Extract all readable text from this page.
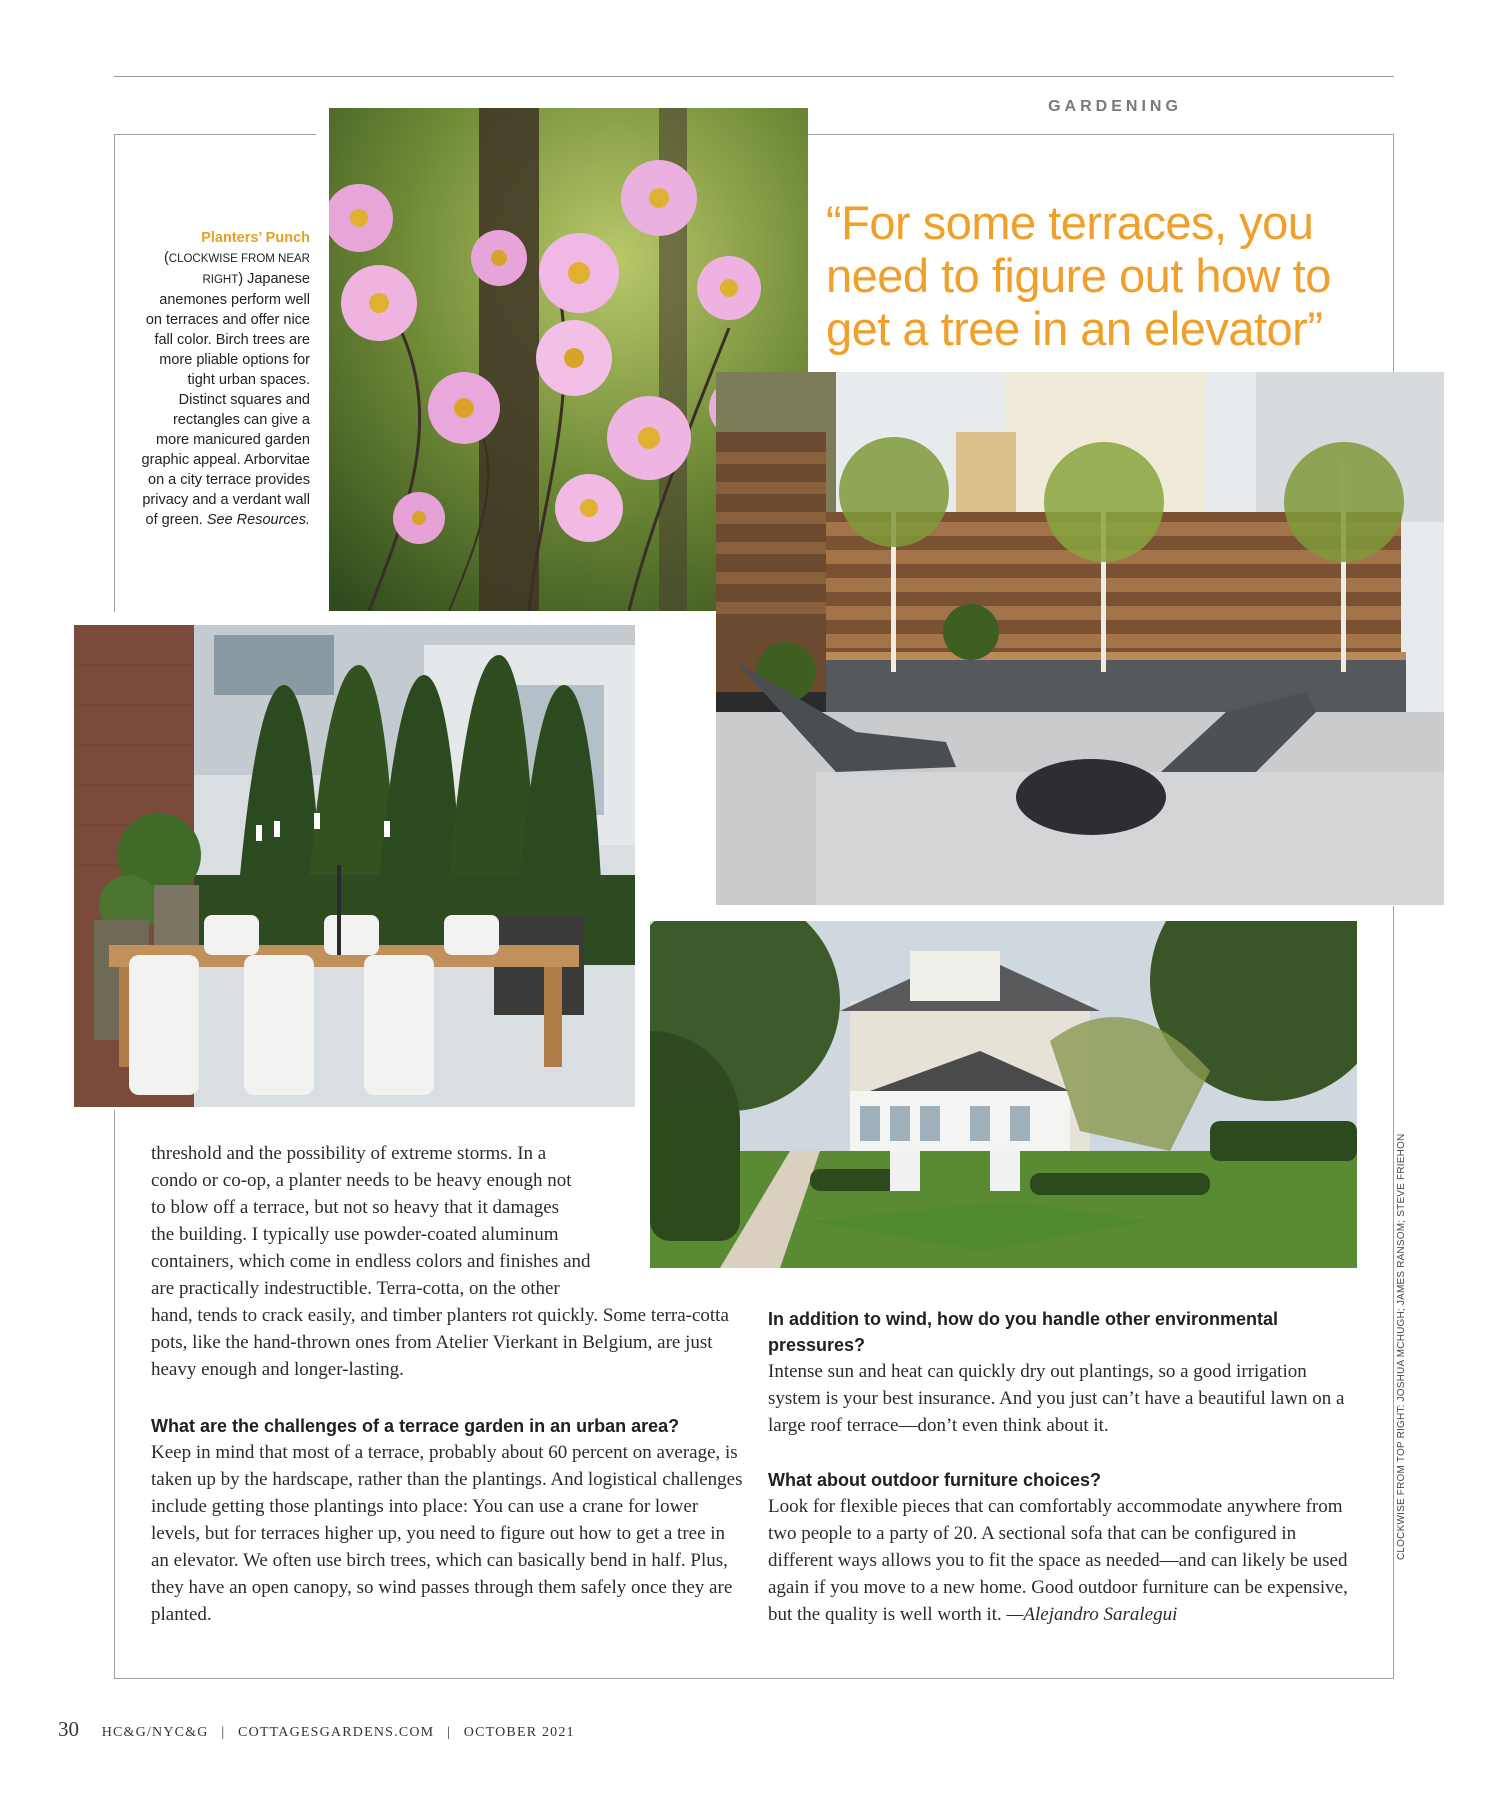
GARDENING
“For some terraces, you need to figure out how to get a tree in an elevator”
Planters’ Punch
(CLOCKWISE FROM NEAR RIGHT) Japanese anemones perform well on terraces and offer nice fall color. Birch trees are more pliable options for tight urban spaces. Distinct squares and rectangles can give a more manicured garden graphic appeal. Arborvitae on a city terrace provides privacy and a verdant wall of green. See Resources.

threshold and the possibility of extreme storms. In a

condo or co-op, a planter needs to be heavy enough not

to blow off a terrace, but not so heavy that it damages

the building. I typically use powder-coated aluminum

containers, which come in endless colors and finishes and

are practically indestructible. Terra-cotta, on the other

hand, tends to crack easily, and timber planters rot quickly. Some terra-cotta pots, like the hand-thrown ones from Atelier Vierkant in Belgium, are just heavy enough and longer-lasting.

What are the challenges of a terrace garden in an urban area?

Keep in mind that most of a terrace, probably about 60 percent on average, is taken up by the hardscape, rather than the plantings. And logistical challenges include getting those plantings into place: You can use a crane for lower levels, but for terraces higher up, you need to figure out how to get a tree in an elevator. We often use birch trees, which can basically bend in half. Plus, they have an open canopy, so wind passes through them safely once they are planted.

In addition to wind, how do you handle other environmental pressures?

Intense sun and heat can quickly dry out plantings, so a good irrigation system is your best insurance. And you just can’t have a beautiful lawn on a large roof terrace—don’t even think about it.

What about outdoor furniture choices?

Look for flexible pieces that can comfortably accommodate anywhere from two people to a party of 20. A sectional sofa that can be configured in different ways allows you to fit the space as needed—and can likely be used again if you move to a new home. Good outdoor furniture can be expensive, but the quality is well worth it. —Alejandro Saralegui

CLOCKWISE FROM TOP RIGHT: JOSHUA MCHUGH; JAMES RANSOM; STEVE FRIEHON
30 HC&G/NYC&G | COTTAGESGARDENS.COM | OCTOBER 2021
